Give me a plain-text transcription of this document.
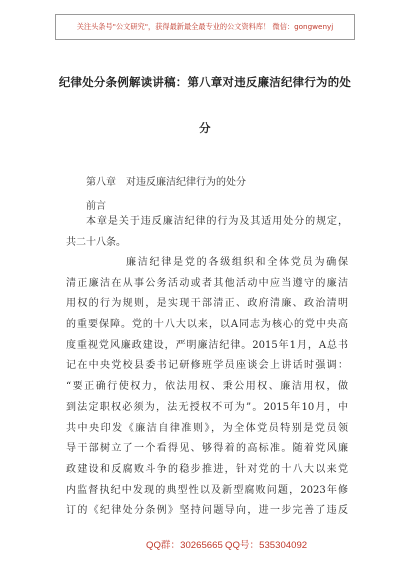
关注头条号"公文研究"，获得最新最全最专业的公文资料库！ 微信：gongwenyj
纪律处分条例解读讲稿：第八章对违反廉洁纪律行为的处
分
第八章　对违反廉洁纪律行为的处分
前言
本章是关于违反廉洁纪律的行为及其适用处分的规定，
共二十八条。
廉洁纪律是党的各级组织和全体党员为确保
清正廉洁在从事公务活动或者其他活动中应当遵守的廉洁
用权的行为规则，是实现干部清正、政府清廉、政治清明
的重要保障。党的十八大以来，以A同志为核心的党中央高
度重视党风廉政建设，严明廉洁纪律。2015年1月，A总书
记在中央党校县委书记研修班学员座谈会上讲话时强调：
“要正确行使权力，依法用权、秉公用权、廉洁用权，做
到法定职权必须为，法无授权不可为”。2015年10月，中
共中央印发《廉洁自律准则》，为全体党员特别是党员领
导干部树立了一个看得见、够得着的高标准。随着党风廉
政建设和反腐败斗争的稳步推进，针对党的十八大以来党
内监督执纪中发现的典型性以及新型腐败问题，2023年修
订的《纪律处分条例》坚持问题导向，进一步完善了违反
QQ群：30265665 QQ号：535304092
